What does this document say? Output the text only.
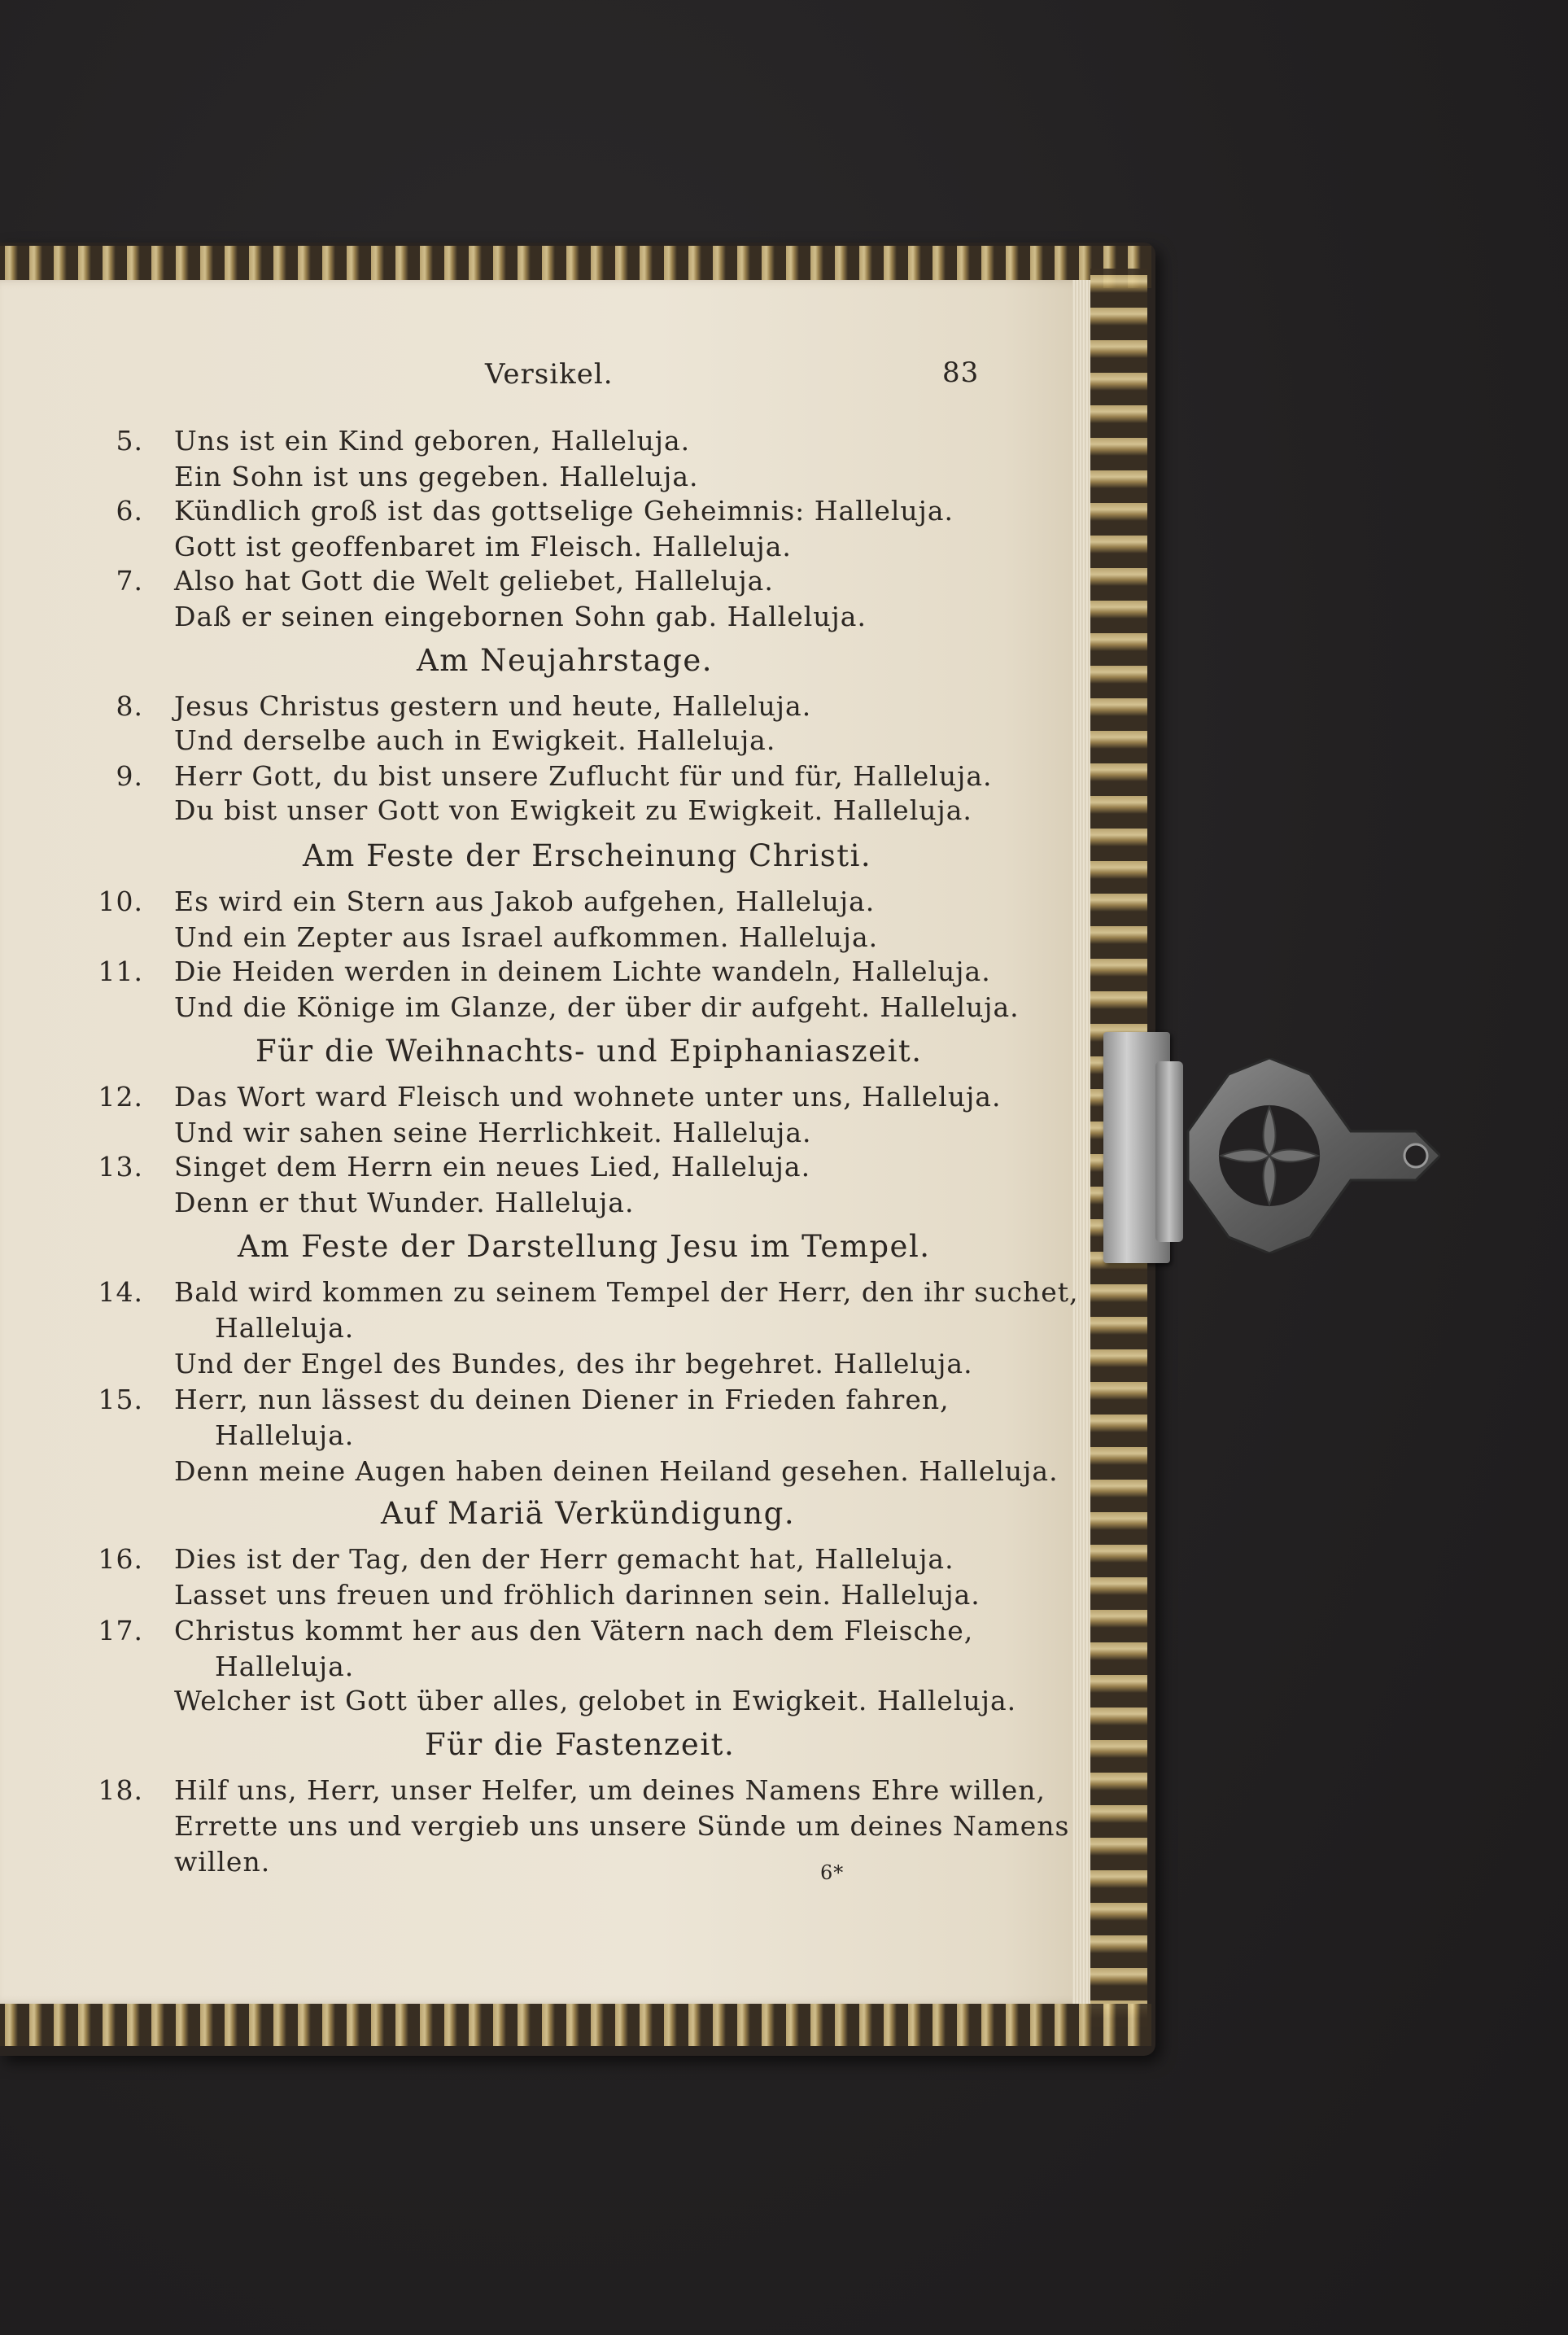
Versikel.	83
5. Uns ist ein Kind geboren, Halleluja.
Ein Sohn ist uns gegeben. Halleluja.
6. Kündlich groß ist das gottselige Geheimnis: Halleluja.
Gott ist geoffenbaret im Fleisch. Halleluja.
7. Also hat Gott die Welt geliebet, Halleluja.
Daß er seinen eingebornen Sohn gab. Halleluja.
Am Neujahrstage.
8. Jesus Christus gestern und heute, Halleluja.
Und derselbe auch in Ewigkeit. Halleluja.
9. Herr Gott, du bist unsere Zuflucht für und für, Halleluja.
Du bist unser Gott von Ewigkeit zu Ewigkeit. Halleluja.
Am Feste der Erscheinung Christi.
10. Es wird ein Stern aus Jakob aufgehen, Halleluja.
Und ein Zepter aus Israel aufkommen. Halleluja.
11. Die Heiden werden in deinem Lichte wandeln, Halleluja.
Und die Könige im Glanze, der über dir aufgeht. Halleluja.
Für die Weihnachts- und Epiphaniaszeit.
12. Das Wort ward Fleisch und wohnete unter uns, Halleluja.
Und wir sahen seine Herrlichkeit. Halleluja.
13. Singet dem Herrn ein neues Lied, Halleluja.
Denn er thut Wunder. Halleluja.
Am Feste der Darstellung Jesu im Tempel.
14. Bald wird kommen zu seinem Tempel der Herr, den ihr suchet,
Halleluja.
Und der Engel des Bundes, des ihr begehret. Halleluja.
15. Herr, nun lässest du deinen Diener in Frieden fahren,
Halleluja.
Denn meine Augen haben deinen Heiland gesehen. Halleluja.
Auf Mariä Verkündigung.
16. Dies ist der Tag, den der Herr gemacht hat, Halleluja.
Lasset uns freuen und fröhlich darinnen sein. Halleluja.
17. Christus kommt her aus den Vätern nach dem Fleische,
Halleluja.
Welcher ist Gott über alles, gelobet in Ewigkeit. Halleluja.
Für die Fastenzeit.
18. Hilf uns, Herr, unser Helfer, um deines Namens Ehre willen,
Errette uns und vergieb uns unsere Sünde um deines Namens
willen.	6*
